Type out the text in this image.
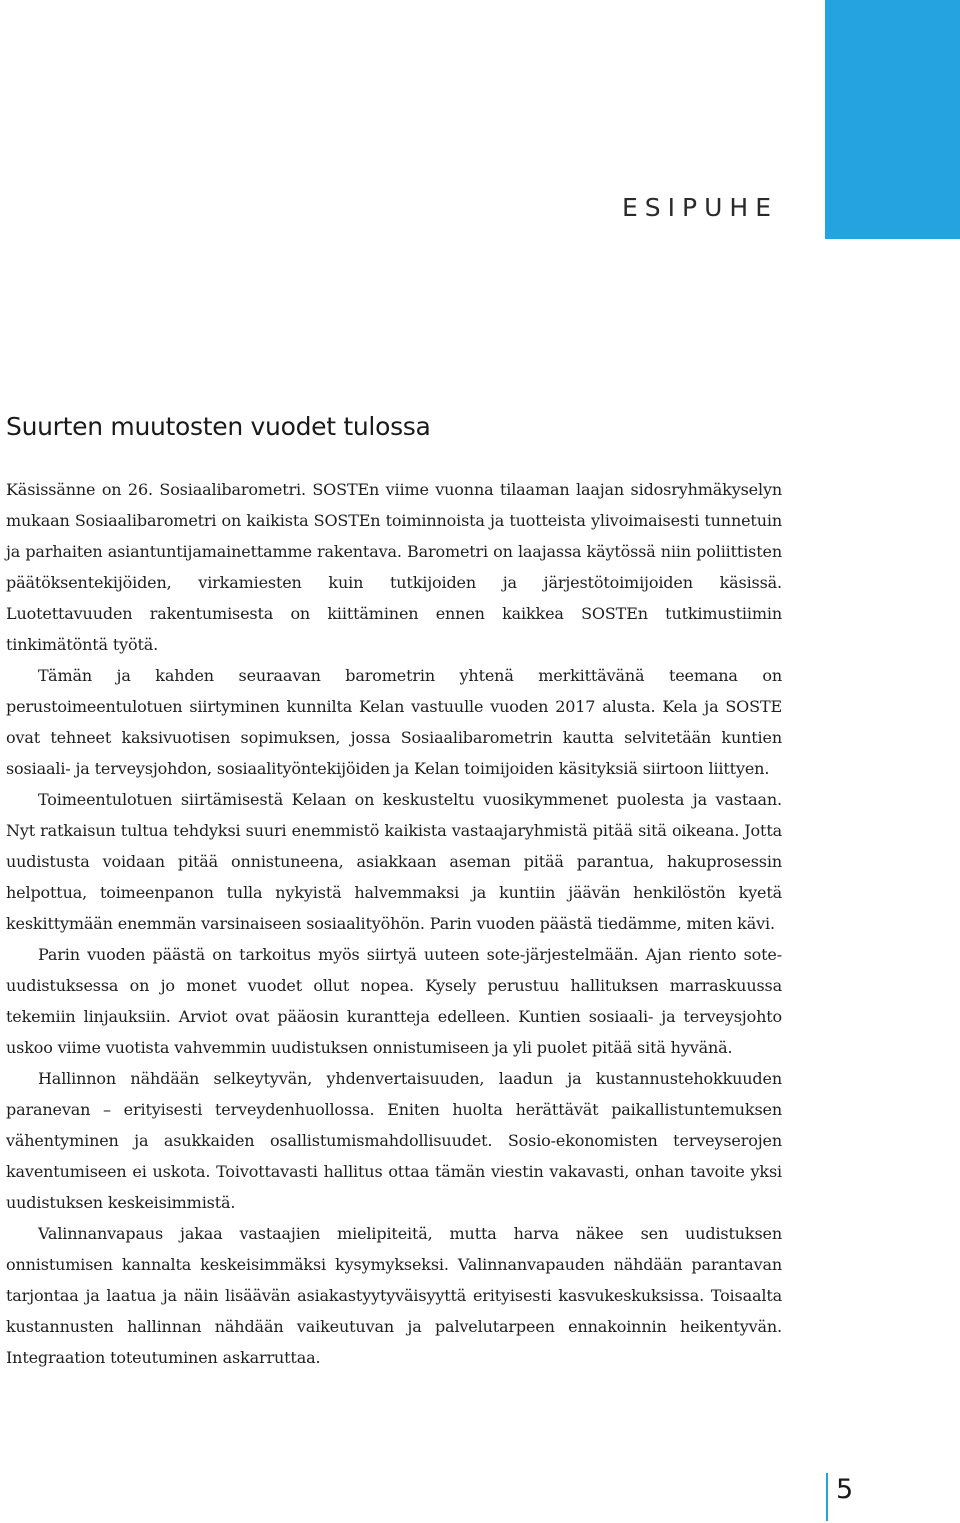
ESIPUHE
Suurten muutosten vuodet tulossa

Käsissänne on 26. Sosiaalibarometri. SOSTEn viime vuonna tilaaman laajan sidosryhmäkyselyn mukaan Sosiaalibarometri on kaikista SOSTEn toiminnoista ja tuotteista ylivoimaisesti tunnetuin ja parhaiten asiantuntijamainettamme rakentava. Barometri on laajassa käytössä niin poliittisten päätöksentekijöiden, virkamiesten kuin tutkijoiden ja järjestötoimijoiden käsissä. Luotettavuuden rakentumisesta on kiittäminen ennen kaikkea SOSTEn tutkimustiimin tinkimätöntä työtä.

Tämän ja kahden seuraavan barometrin yhtenä merkittävänä teemana on perustoimeentulotuen siirtyminen kunnilta Kelan vastuulle vuoden 2017 alusta. Kela ja SOSTE ovat tehneet kaksivuotisen sopimuksen, jossa Sosiaalibarometrin kautta selvitetään kuntien sosiaali- ja terveysjohdon, sosiaalityöntekijöiden ja Kelan toimijoiden käsityksiä siirtoon liittyen.

Toimeentulotuen siirtämisestä Kelaan on keskusteltu vuosikymmenet puolesta ja vastaan. Nyt ratkaisun tultua tehdyksi suuri enemmistö kaikista vastaajaryhmistä pitää sitä oikeana. Jotta uudistusta voidaan pitää onnistuneena, asiakkaan aseman pitää parantua, hakuprosessin helpottua, toimeenpanon tulla nykyistä halvemmaksi ja kuntiin jäävän henkilöstön kyetä keskittymään enemmän varsinaiseen sosiaalityöhön. Parin vuoden päästä tiedämme, miten kävi.

Parin vuoden päästä on tarkoitus myös siirtyä uuteen sote-järjestelmään. Ajan riento sote-uudistuksessa on jo monet vuodet ollut nopea. Kysely perustuu hallituksen marraskuussa tekemiin linjauksiin. Arviot ovat pääosin kurantteja edelleen. Kuntien sosiaali- ja terveysjohto uskoo viime vuotista vahvemmin uudistuksen onnistumiseen ja yli puolet pitää sitä hyvänä.

Hallinnon nähdään selkeytyvän, yhdenvertaisuuden, laadun ja kustannustehokkuuden paranevan – erityisesti terveydenhuollossa. Eniten huolta herättävät paikallistuntemuksen vähentyminen ja asukkaiden osallistumismahdollisuudet. Sosio-ekonomisten terveyserojen kaventumiseen ei uskota. Toivottavasti hallitus ottaa tämän viestin vakavasti, onhan tavoite yksi uudistuksen keskeisimmistä.

Valinnanvapaus jakaa vastaajien mielipiteitä, mutta harva näkee sen uudistuksen onnistumisen kannalta keskeisimmäksi kysymykseksi. Valinnanvapauden nähdään parantavan tarjontaa ja laatua ja näin lisäävän asiakastyytyväisyyttä erityisesti kasvukeskuksissa. Toisaalta kustannusten hallinnan nähdään vaikeutuvan ja palvelutarpeen ennakoinnin heikentyvän. Integraation toteutuminen askarruttaa.

5
